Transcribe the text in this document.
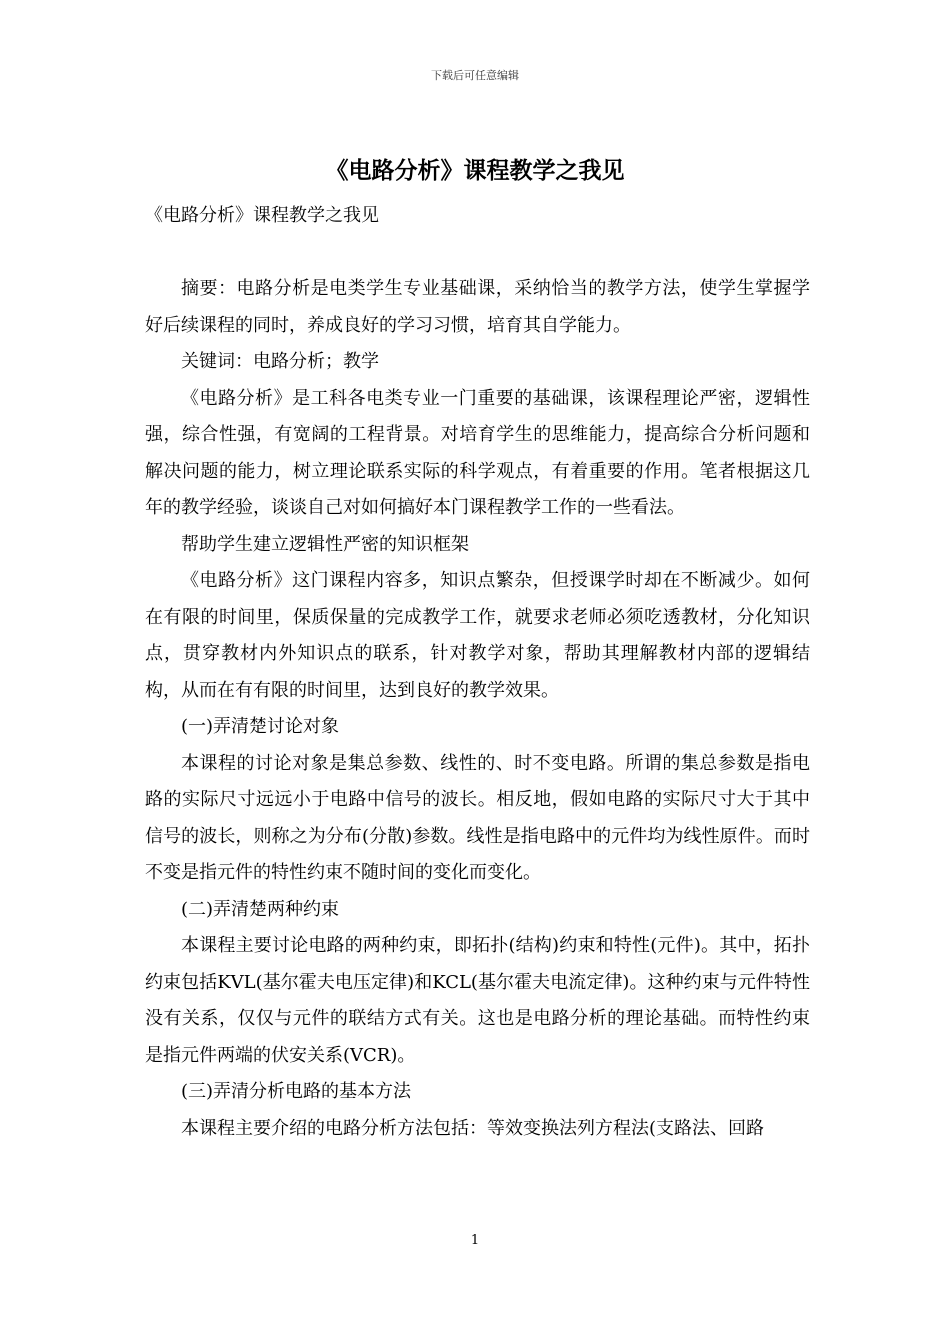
下载后可任意编辑
《电路分析》课程教学之我见

《电路分析》课程教学之我见

摘要：电路分析是电类学生专业基础课，采纳恰当的教学方法，使学生掌握学好后续课程的同时，养成良好的学习习惯，培育其自学能力。

关键词：电路分析；教学

《电路分析》是工科各电类专业一门重要的基础课，该课程理论严密，逻辑性强，综合性强，有宽阔的工程背景。对培育学生的思维能力，提高综合分析问题和解决问题的能力，树立理论联系实际的科学观点，有着重要的作用。笔者根据这几年的教学经验，谈谈自己对如何搞好本门课程教学工作的一些看法。

帮助学生建立逻辑性严密的知识框架

《电路分析》这门课程内容多，知识点繁杂，但授课学时却在不断减少。如何在有限的时间里，保质保量的完成教学工作，就要求老师必须吃透教材，分化知识点，贯穿教材内外知识点的联系，针对教学对象，帮助其理解教材内部的逻辑结构，从而在有有限的时间里，达到良好的教学效果。

(一)弄清楚讨论对象

本课程的讨论对象是集总参数、线性的、时不变电路。所谓的集总参数是指电路的实际尺寸远远小于电路中信号的波长。相反地，假如电路的实际尺寸大于其中信号的波长，则称之为分布(分散)参数。线性是指电路中的元件均为线性原件。而时不变是指元件的特性约束不随时间的变化而变化。

(二)弄清楚两种约束

本课程主要讨论电路的两种约束，即拓扑(结构)约束和特性(元件)。其中，拓扑约束包括KVL(基尔霍夫电压定律)和KCL(基尔霍夫电流定律)。这种约束与元件特性没有关系，仅仅与元件的联结方式有关。这也是电路分析的理论基础。而特性约束是指元件两端的伏安关系(VCR)。

(三)弄清分析电路的基本方法

本课程主要介绍的电路分析方法包括：等效变换法列方程法(支路法、回路

1
